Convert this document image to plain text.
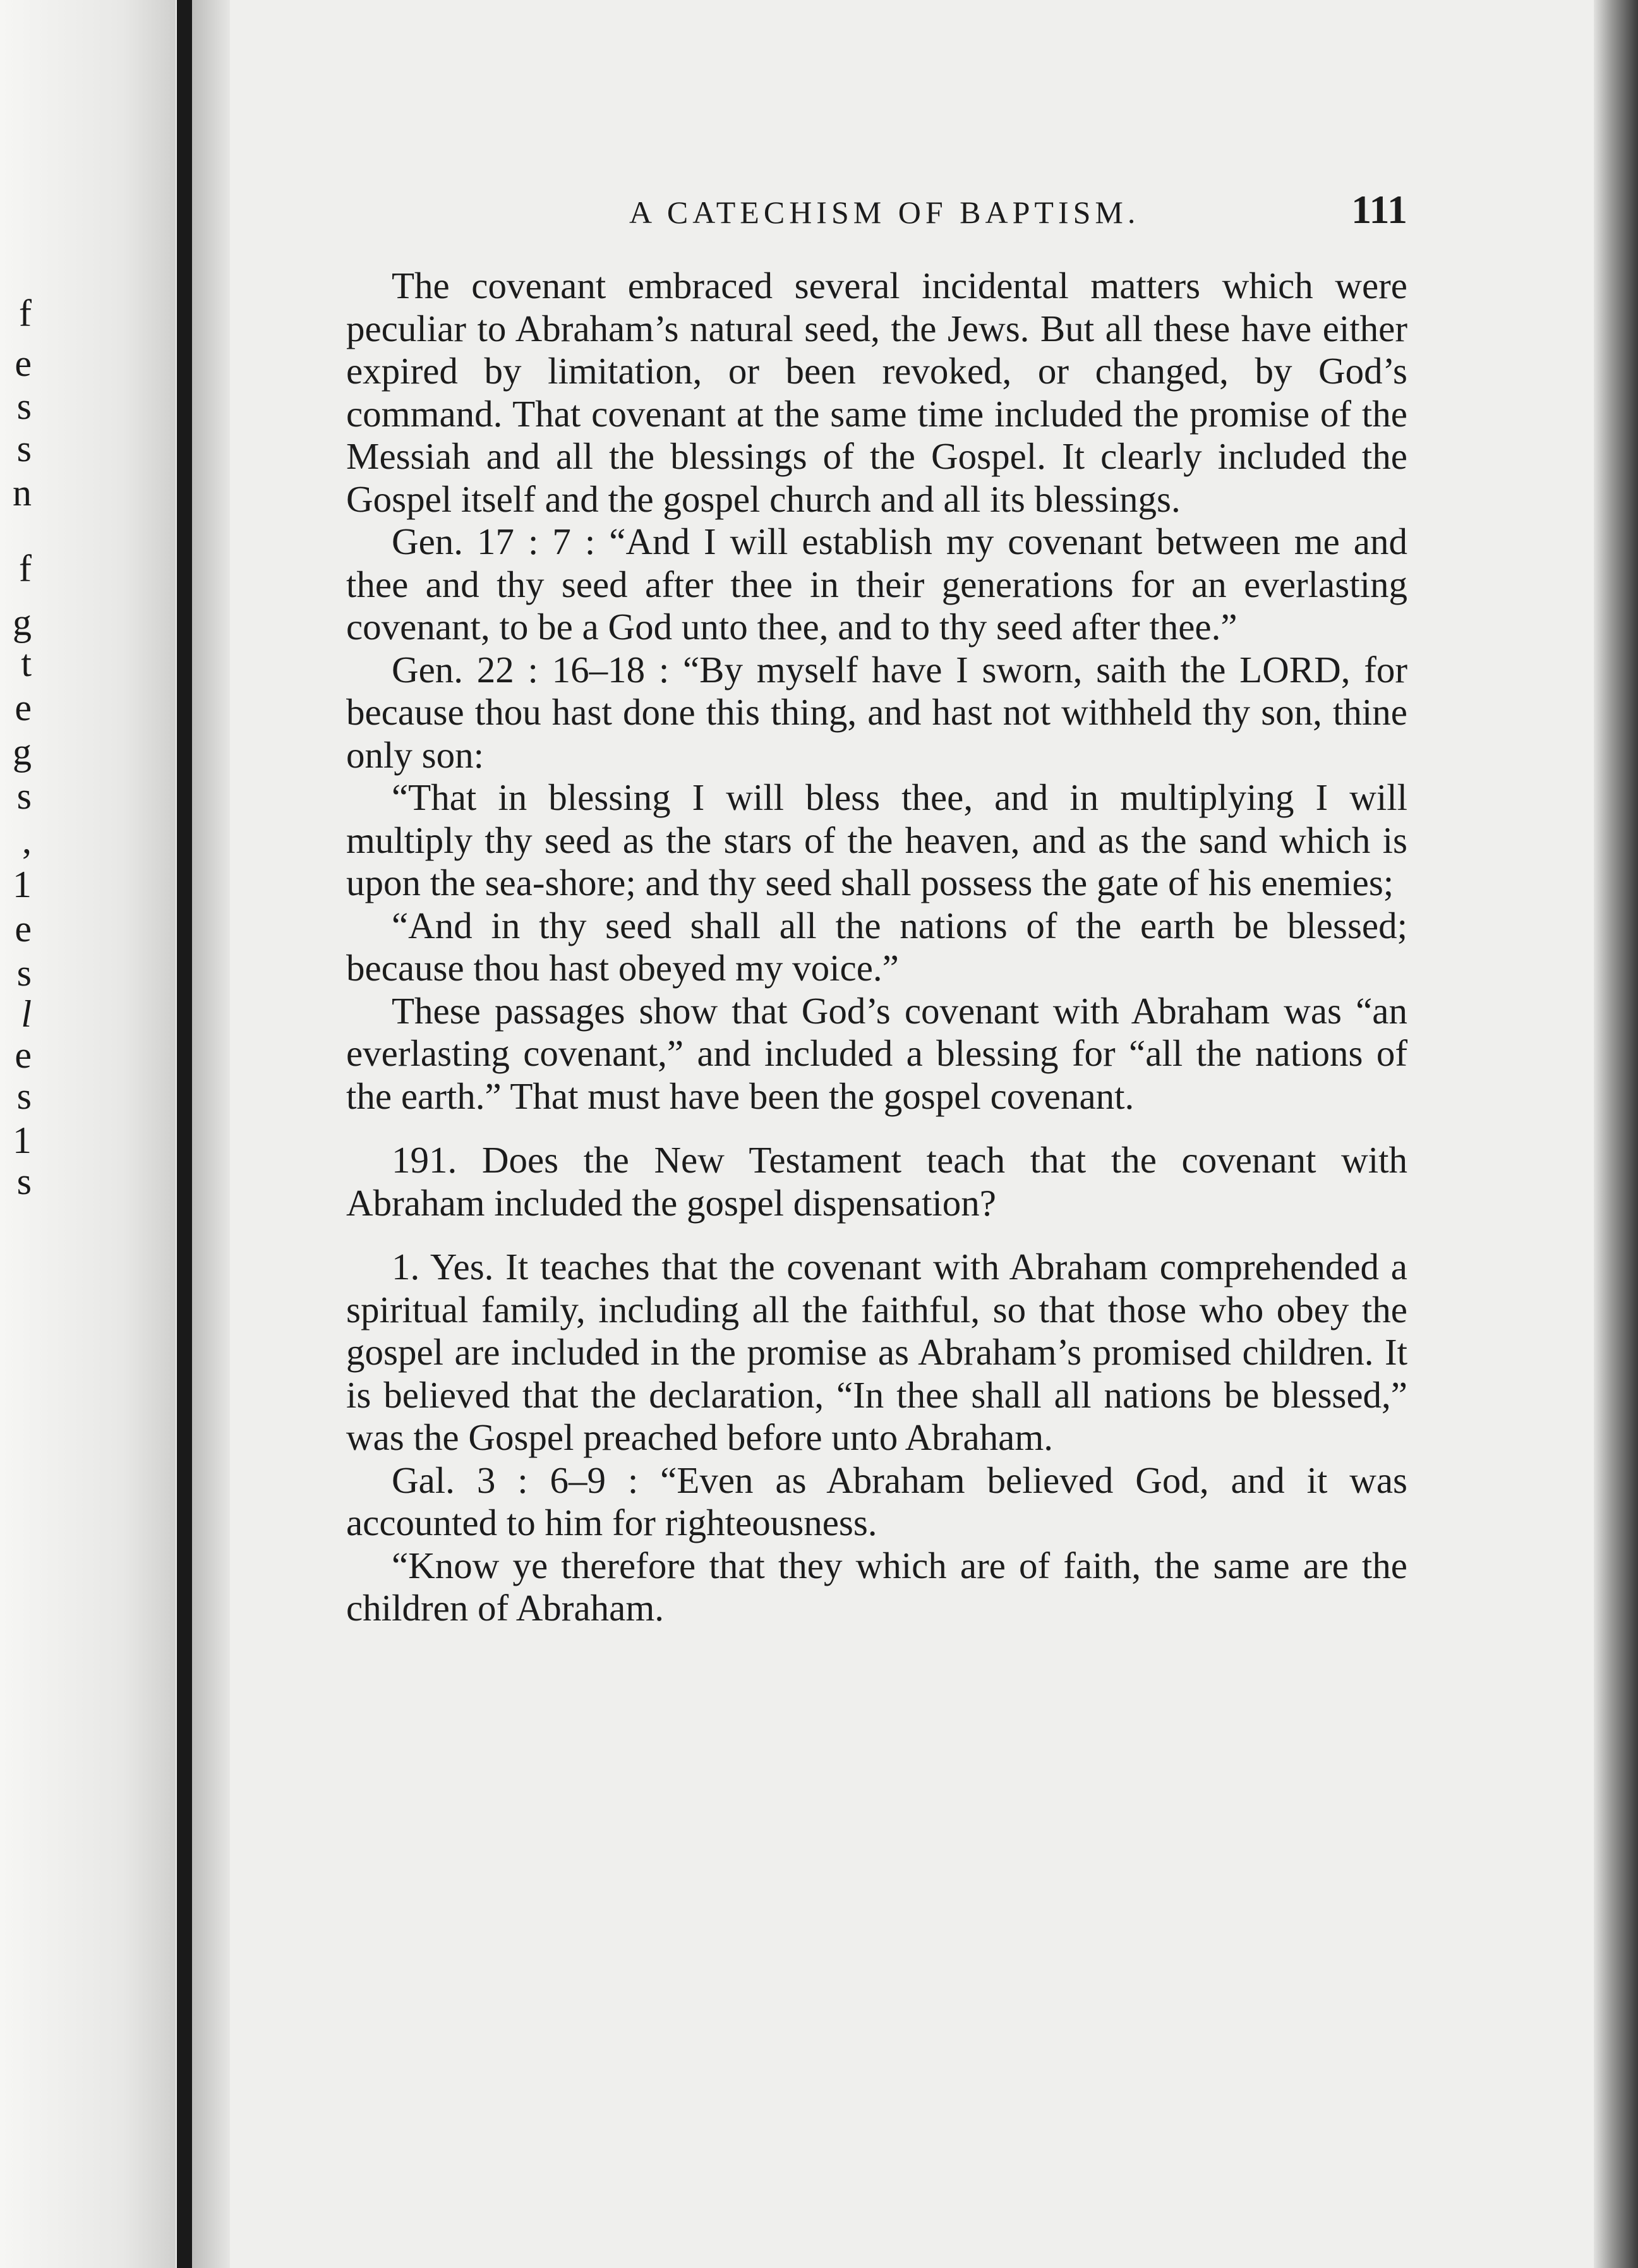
f
e
s
s
n
f
g
t
e
g
s
,
1
e
s
l
e
s
1
s
A CATECHISM OF BAPTISM.	111

The covenant embraced several incidental matters which were peculiar to Abraham’s natural seed, the Jews. But all these have either expired by limitation, or been revoked, or changed, by God’s command. That covenant at the same time included the promise of the Messiah and all the blessings of the Gospel. It clearly included the Gospel itself and the gospel church and all its blessings.

Gen. 17 : 7 : “And I will establish my covenant between me and thee and thy seed after thee in their generations for an everlasting covenant, to be a God unto thee, and to thy seed after thee.”

Gen. 22 : 16–18 : “By myself have I sworn, saith the LORD, for because thou hast done this thing, and hast not withheld thy son, thine only son:

“That in blessing I will bless thee, and in multiplying I will multiply thy seed as the stars of the heaven, and as the sand which is upon the sea-shore; and thy seed shall possess the gate of his enemies;

“And in thy seed shall all the nations of the earth be blessed; because thou hast obeyed my voice.”

These passages show that God’s covenant with Abraham was “an everlasting covenant,” and included a blessing for “all the nations of the earth.” That must have been the gospel covenant.

191. Does the New Testament teach that the covenant with Abraham included the gospel dispensation?

1. Yes. It teaches that the covenant with Abraham comprehended a spiritual family, including all the faithful, so that those who obey the gospel are included in the promise as Abraham’s promised children. It is believed that the declaration, “In thee shall all nations be blessed,” was the Gospel preached before unto Abraham.

Gal. 3 : 6–9 : “Even as Abraham believed God, and it was accounted to him for righteousness.

“Know ye therefore that they which are of faith, the same are the children of Abraham.
